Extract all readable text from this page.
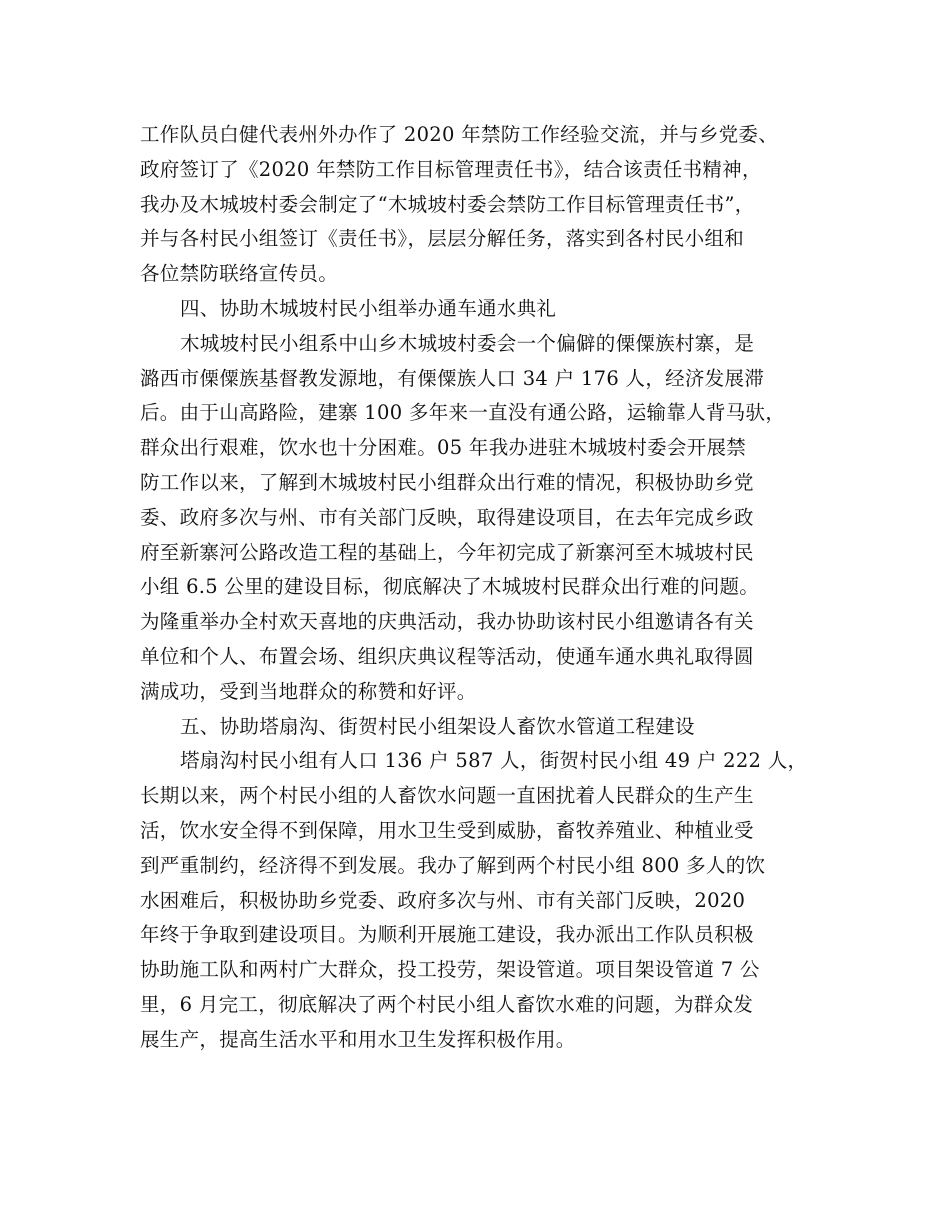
工作队员白健代表州外办作了 2020 年禁防工作经验交流，并与乡党委、
政府签订了《2020 年禁防工作目标管理责任书》，结合该责任书精神，
我办及木城坡村委会制定了“木城坡村委会禁防工作目标管理责任书”，
并与各村民小组签订《责任书》，层层分解任务，落实到各村民小组和
各位禁防联络宣传员。
四、协助木城坡村民小组举办通车通水典礼
木城坡村民小组系中山乡木城坡村委会一个偏僻的傈僳族村寨，是
潞西市傈僳族基督教发源地，有傈僳族人口 34 户 176 人，经济发展滞
后。由于山高路险，建寨 100 多年来一直没有通公路，运输靠人背马驮，
群众出行艰难，饮水也十分困难。05 年我办进驻木城坡村委会开展禁
防工作以来，了解到木城坡村民小组群众出行难的情况，积极协助乡党
委、政府多次与州、市有关部门反映，取得建设项目，在去年完成乡政
府至新寨河公路改造工程的基础上，今年初完成了新寨河至木城坡村民
小组 6.5 公里的建设目标，彻底解决了木城坡村民群众出行难的问题。
为隆重举办全村欢天喜地的庆典活动，我办协助该村民小组邀请各有关
单位和个人、布置会场、组织庆典议程等活动，使通车通水典礼取得圆
满成功，受到当地群众的称赞和好评。
五、协助塔扇沟、街贺村民小组架设人畜饮水管道工程建设
塔扇沟村民小组有人口 136 户 587 人，街贺村民小组 49 户 222 人，
长期以来，两个村民小组的人畜饮水问题一直困扰着人民群众的生产生
活，饮水安全得不到保障，用水卫生受到威胁，畜牧养殖业、种植业受
到严重制约，经济得不到发展。我办了解到两个村民小组 800 多人的饮
水困难后，积极协助乡党委、政府多次与州、市有关部门反映，2020
年终于争取到建设项目。为顺利开展施工建设，我办派出工作队员积极
协助施工队和两村广大群众，投工投劳，架设管道。项目架设管道 7 公
里，6 月完工，彻底解决了两个村民小组人畜饮水难的问题，为群众发
展生产，提高生活水平和用水卫生发挥积极作用。
